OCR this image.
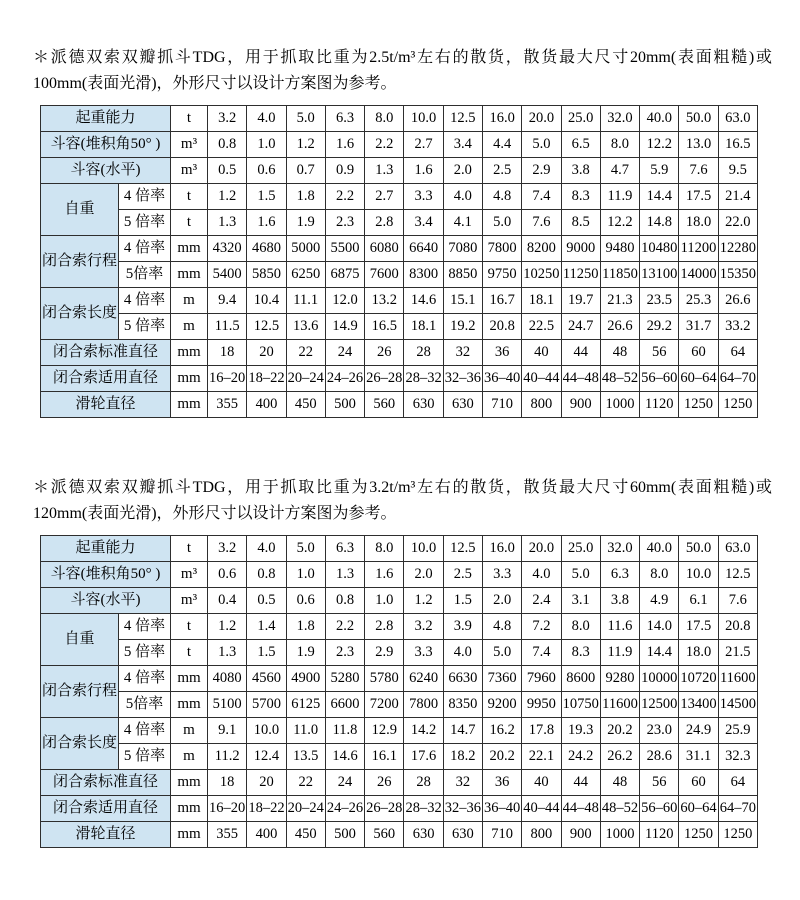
＊派德双索双瓣抓斗TDG，用于抓取比重为2.5t/m³左右的散货，散货最大尺寸20mm(表面粗糙)或100mm(表面光滑)，外形尺寸以设计方案图为参考。

起重能力		t	3.2	4.0	5.0	6.3	8.0	10.0	12.5	16.0	20.0	25.0	32.0	40.0	50.0	63.0
斗容(堆积角50° )		m³	0.8	1.0	1.2	1.6	2.2	2.7	3.4	4.4	5.0	6.5	8.0	12.2	13.0	16.5
斗容(水平)		m³	0.5	0.6	0.7	0.9	1.3	1.6	2.0	2.5	2.9	3.8	4.7	5.9	7.6	9.5
自重	4 倍率	t	1.2	1.5	1.8	2.2	2.7	3.3	4.0	4.8	7.4	8.3	11.9	14.4	17.5	21.4
	5 倍率	t	1.3	1.6	1.9	2.3	2.8	3.4	4.1	5.0	7.6	8.5	12.2	14.8	18.0	22.0
闭合索行程	4 倍率	mm	4320	4680	5000	5500	6080	6640	7080	7800	8200	9000	9480	10480	11200	12280
	5倍率	mm	5400	5850	6250	6875	7600	8300	8850	9750	10250	11250	11850	13100	14000	15350
闭合索长度	4 倍率	m	9.4	10.4	11.1	12.0	13.2	14.6	15.1	16.7	18.1	19.7	21.3	23.5	25.3	26.6
	5 倍率	m	11.5	12.5	13.6	14.9	16.5	18.1	19.2	20.8	22.5	24.7	26.6	29.2	31.7	33.2
闭合索标准直径		mm	18	20	22	24	26	28	32	36	40	44	48	56	60	64
闭合索适用直径		mm	16–20	18–22	20–24	24–26	26–28	28–32	32–36	36–40	40–44	44–48	48–52	56–60	60–64	64–70
滑轮直径		mm	355	400	450	500	560	630	630	710	800	900	1000	1120	1250	1250

＊派德双索双瓣抓斗TDG，用于抓取比重为3.2t/m³左右的散货，散货最大尺寸60mm(表面粗糙)或120mm(表面光滑)，外形尺寸以设计方案图为参考。

起重能力		t	3.2	4.0	5.0	6.3	8.0	10.0	12.5	16.0	20.0	25.0	32.0	40.0	50.0	63.0
斗容(堆积角50° )		m³	0.6	0.8	1.0	1.3	1.6	2.0	2.5	3.3	4.0	5.0	6.3	8.0	10.0	12.5
斗容(水平)		m³	0.4	0.5	0.6	0.8	1.0	1.2	1.5	2.0	2.4	3.1	3.8	4.9	6.1	7.6
自重	4 倍率	t	1.2	1.4	1.8	2.2	2.8	3.2	3.9	4.8	7.2	8.0	11.6	14.0	17.5	20.8
	5 倍率	t	1.3	1.5	1.9	2.3	2.9	3.3	4.0	5.0	7.4	8.3	11.9	14.4	18.0	21.5
闭合索行程	4 倍率	mm	4080	4560	4900	5280	5780	6240	6630	7360	7960	8600	9280	10000	10720	11600
	5倍率	mm	5100	5700	6125	6600	7200	7800	8350	9200	9950	10750	11600	12500	13400	14500
闭合索长度	4 倍率	m	9.1	10.0	11.0	11.8	12.9	14.2	14.7	16.2	17.8	19.3	20.2	23.0	24.9	25.9
	5 倍率	m	11.2	12.4	13.5	14.6	16.1	17.6	18.2	20.2	22.1	24.2	26.2	28.6	31.1	32.3
闭合索标准直径		mm	18	20	22	24	26	28	32	36	40	44	48	56	60	64
闭合索适用直径		mm	16–20	18–22	20–24	24–26	26–28	28–32	32–36	36–40	40–44	44–48	48–52	56–60	60–64	64–70
滑轮直径		mm	355	400	450	500	560	630	630	710	800	900	1000	1120	1250	1250
